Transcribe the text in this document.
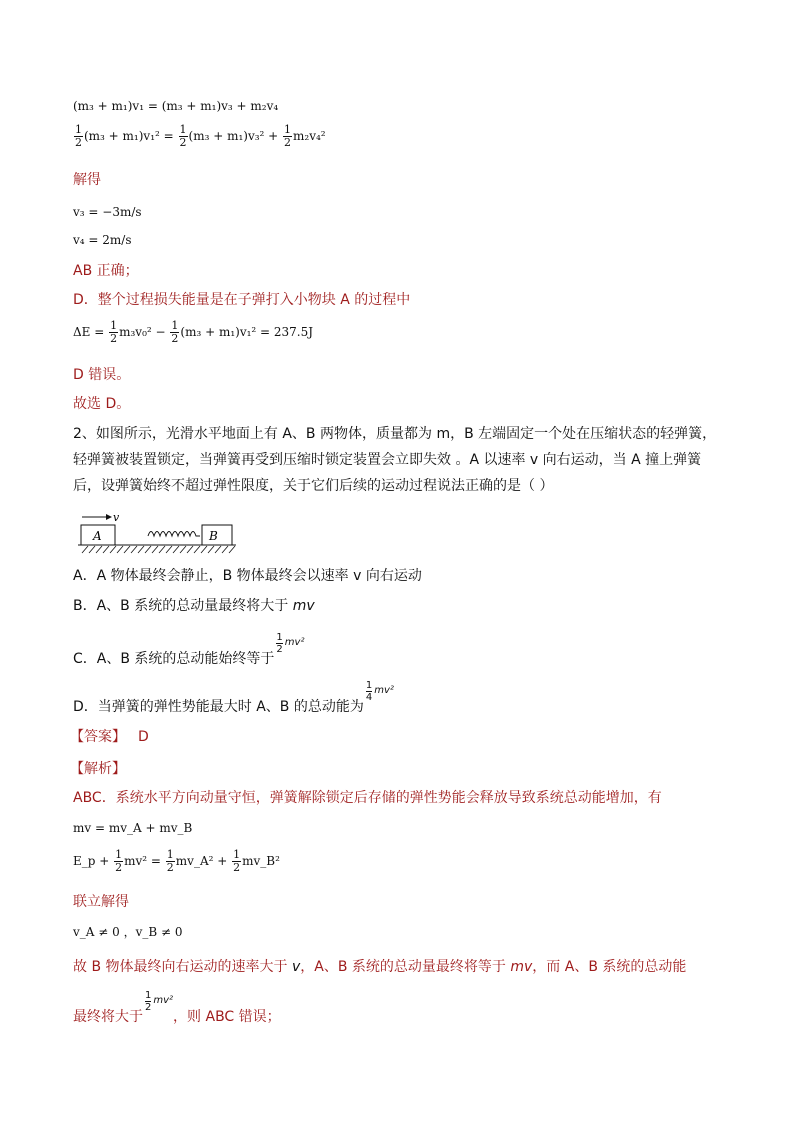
(m₃ + m₁)v₁ = (m₃ + m₁)v₃ + m₂v₄
$\frac{1}{2} (m_3 + m_1)v_1^2 = \frac{1}{2} (m_3 + m_1)v_3^2 + \frac{1}{2} m_2v_4^2$
解得
v₃ = −3m/s
v₄ = 2m/s
AB 正确；
D．整个过程损失能量是在子弹打入小物块 A 的过程中
$\Delta E = \frac{1}{2} m_3v_0^2 - \frac{1}{2} (m_3 + m_1)v_1^2 = 237.5J$
D 错误。
故选 D。
2、如图所示，光滑水平地面上有 A、B 两物体，质量都为 m，B 左端固定一个处在压缩状态的轻弹簧，轻弹簧被装置锁定，当弹簧再受到压缩时锁定装置会立即失效 。A 以速率 v 向右运动，当 A 撞上弹簧后，设弹簧始终不超过弹性限度，关于它们后续的运动过程说法正确的是（ ）
v
A	B
A．A 物体最终会静止，B 物体最终会以速率 v 向右运动
B．A、B 系统的总动量最终将大于 mv
C．A、B 系统的总动能始终等于
$\frac{1}{2} ^{mv^2}$
D．当弹簧的弹性势能最大时 A、B 的总动能为
$\frac{1}{4} ^{mv^2}$
【答案】 D
【解析】
ABC．系统水平方向动量守恒，弹簧解除锁定后存储的弹性势能会释放导致系统总动能增加，有
mv = mv_A + mv_B
E_p + $\frac{1}{2} mv^2 = \frac{1}{2}$ mv_A² + $\frac{1}{2}$ mv_B²
联立解得
v_A ≠ 0 ，v_B ≠ 0
故 B 物体最终向右运动的速率大于 v，A、B 系统的总动量最终将等于 mv，而 A、B 系统的总动能
最终将大于
$\frac{1}{2} ^{mv^2}$，则 ABC 错误；
